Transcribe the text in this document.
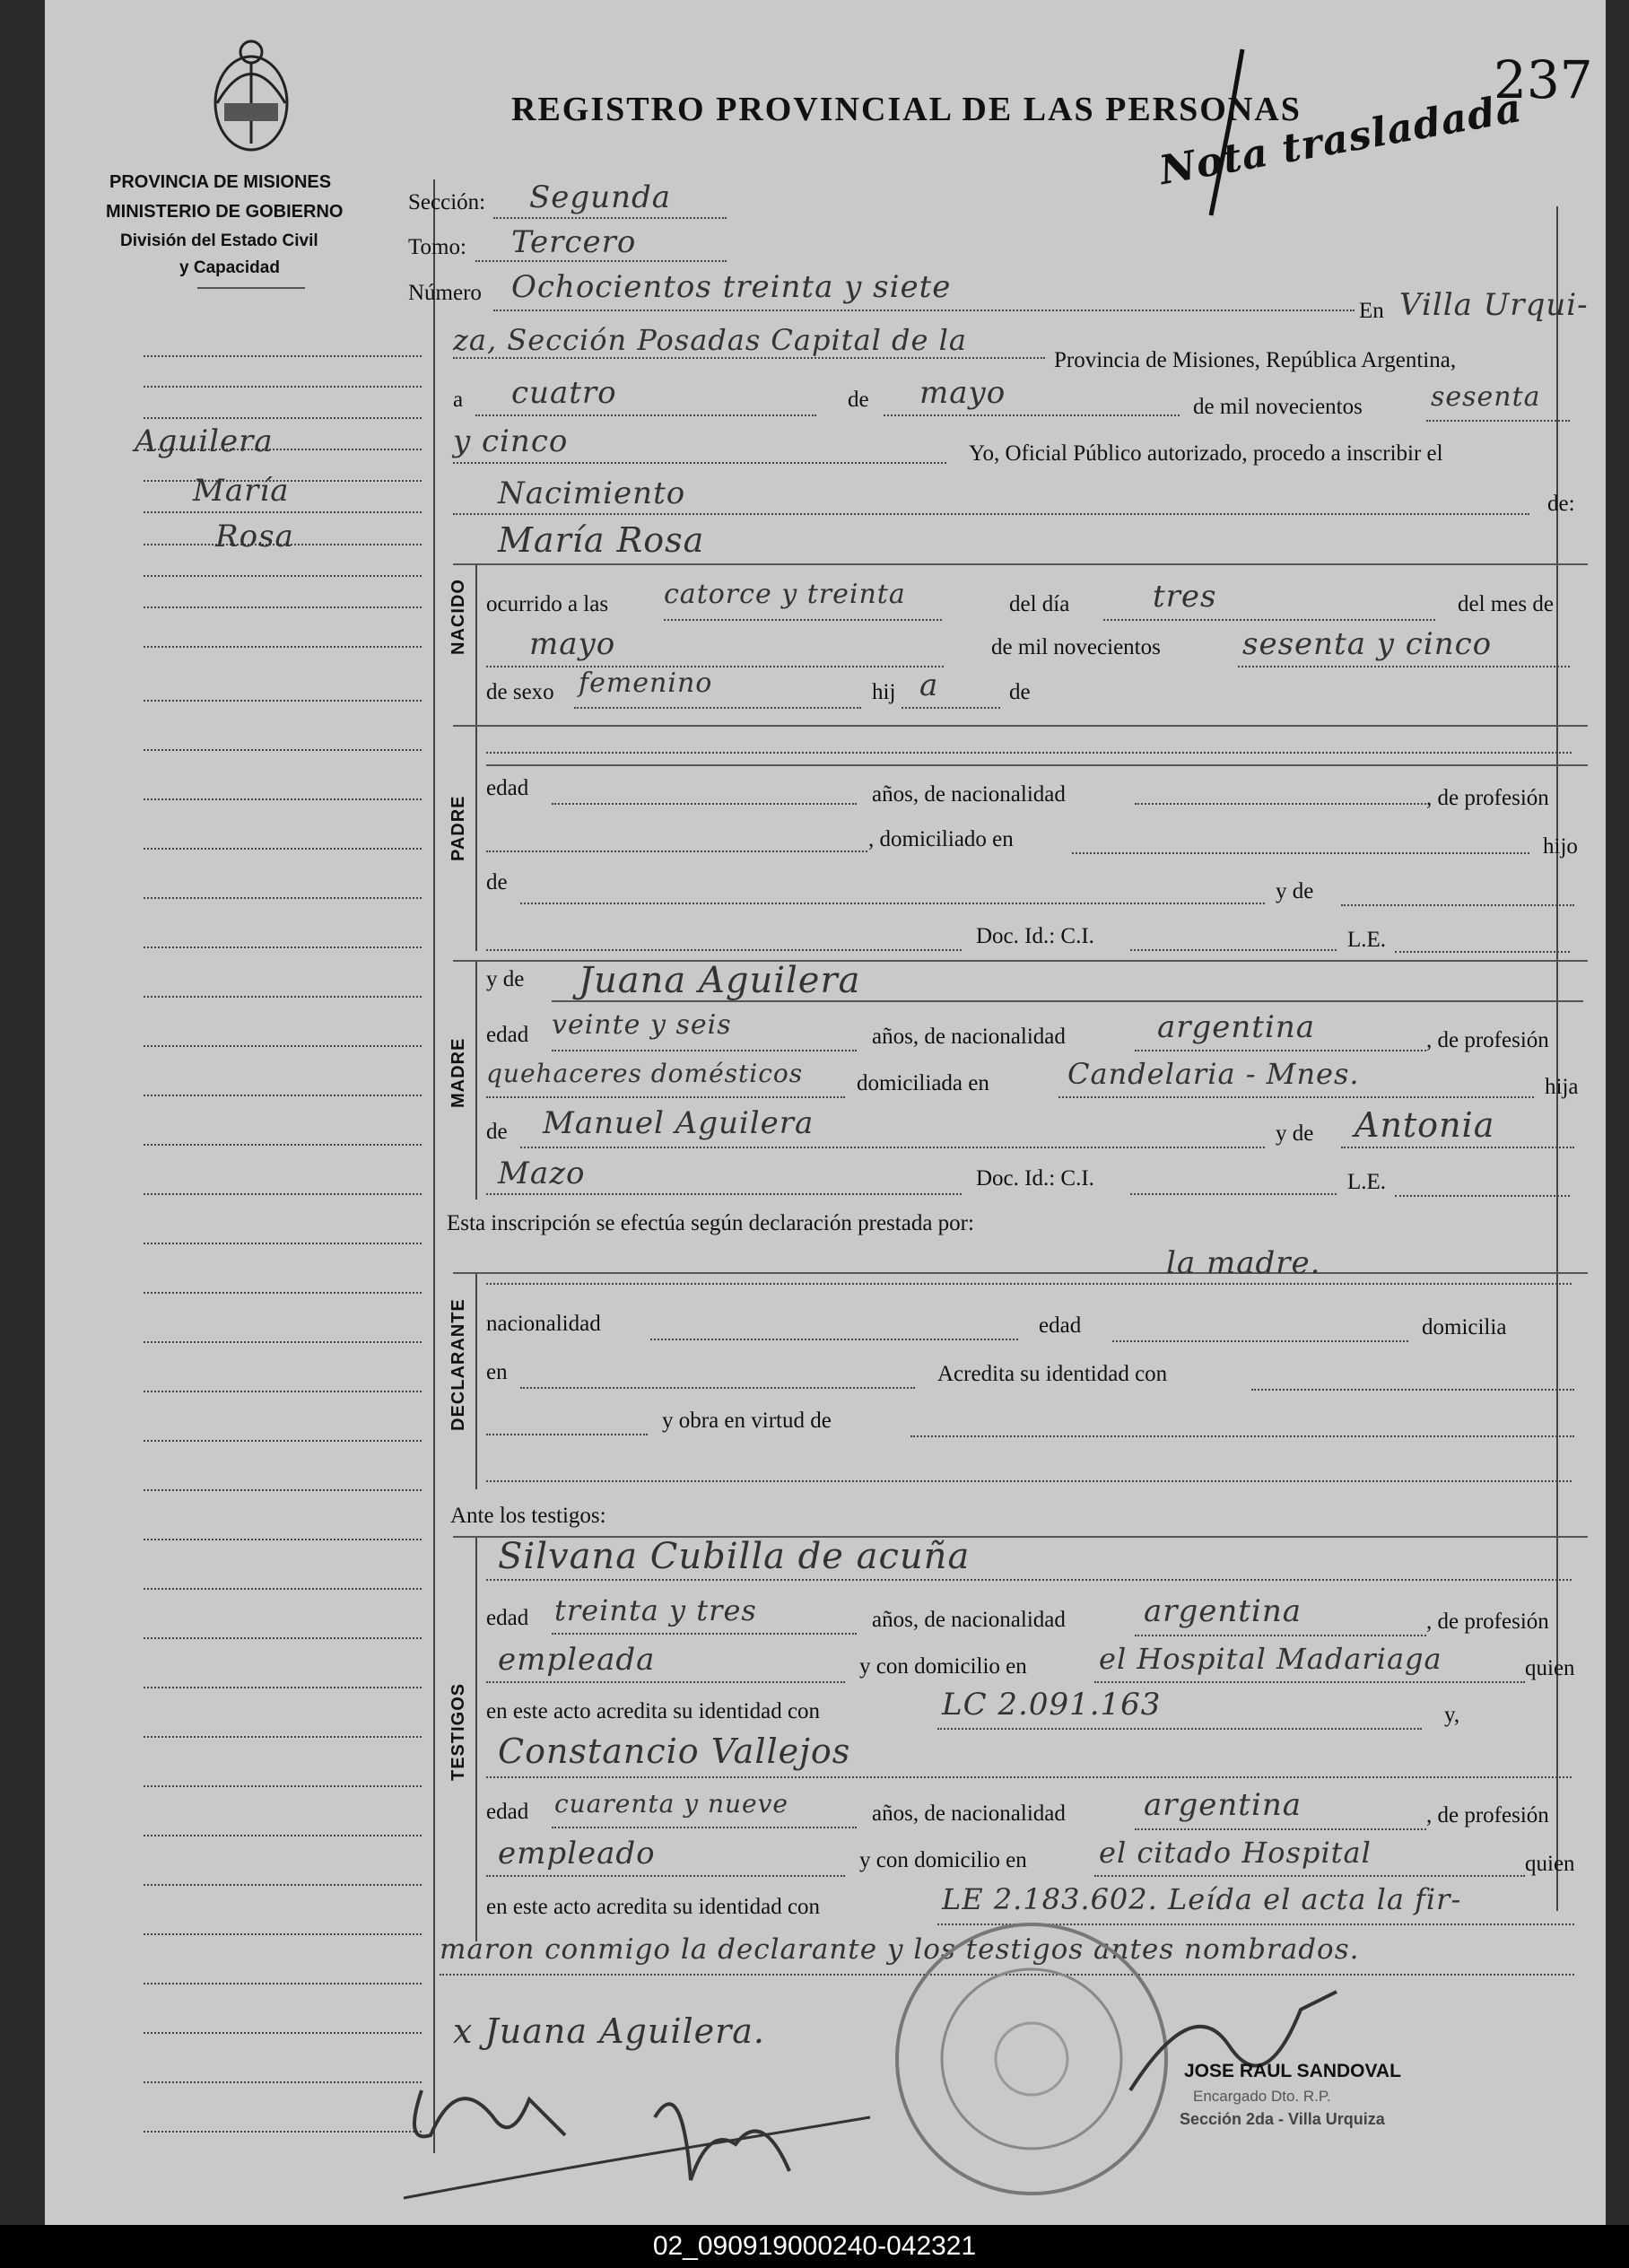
237
PROVINCIA DE MISIONES
MINISTERIO DE GOBIERNO
División del Estado Civil
y Capacidad
REGISTRO PROVINCIAL DE LAS PERSONAS
Nota trasladada
Aguilera
María
Rosa
Sección: Segunda
Tomo: Tercero
Número Ochocientos treinta y siete
En Villa Urqui-
za, Sección Posadas Capital de la
Provincia de Misiones, República Argentina,
a cuatro	de mayo	de mil novecientos	sesenta
y cinco	Yo, Oficial Público autorizado, procedo a inscribir el
Nacimiento	de:
María Rosa
NACIDO ocurrido a las catorce y treinta	del día	tres	del mes de
mayo	de mil novecientos	sesenta y cinco
de sexo femenino	hij a	de
PADRE
edad	años, de nacionalidad	, de profesión
, domiciliado en	hijo
de	y de
Doc. Id.: C.I.	L.E.
MADRE
y de Juana Aguilera
edad veinte y seis	años, de nacionalidad	argentina	, de profesión
quehaceres domésticos domiciliada en	Candelaria - Mnes.	hija
de Manuel Aguilera	y de Antonia
Mazo	Doc. Id.: C.I.	L.E.
Esta inscripción se efectúa según declaración prestada por:
la madre.
DECLARANTE nacionalidad	edad	domicilia
en	Acredita su identidad con
y obra en virtud de
Ante los testigos:
TESTIGOS
Silvana Cubilla de acuña
edad treinta y tres	años, de nacionalidad	argentina	, de profesión
empleada	y con domicilio en	el Hospital Madariaga	quien
en este acto acredita su identidad con	LC 2.091.163	y,
Constancio Vallejos
edad cuarenta y nueve	años, de nacionalidad	argentina	, de profesión
empleado	y con domicilio en	el citado Hospital	quien
en este acto acredita su identidad con	LE 2.183.602. Leída el acta la fir-
maron conmigo la declarante y los testigos antes nombrados.
x Juana Aguilera.
JOSE RAUL SANDOVAL
Encargado Dto. R.P.
Sección 2da - Villa Urquiza
02_090919000240-042321
